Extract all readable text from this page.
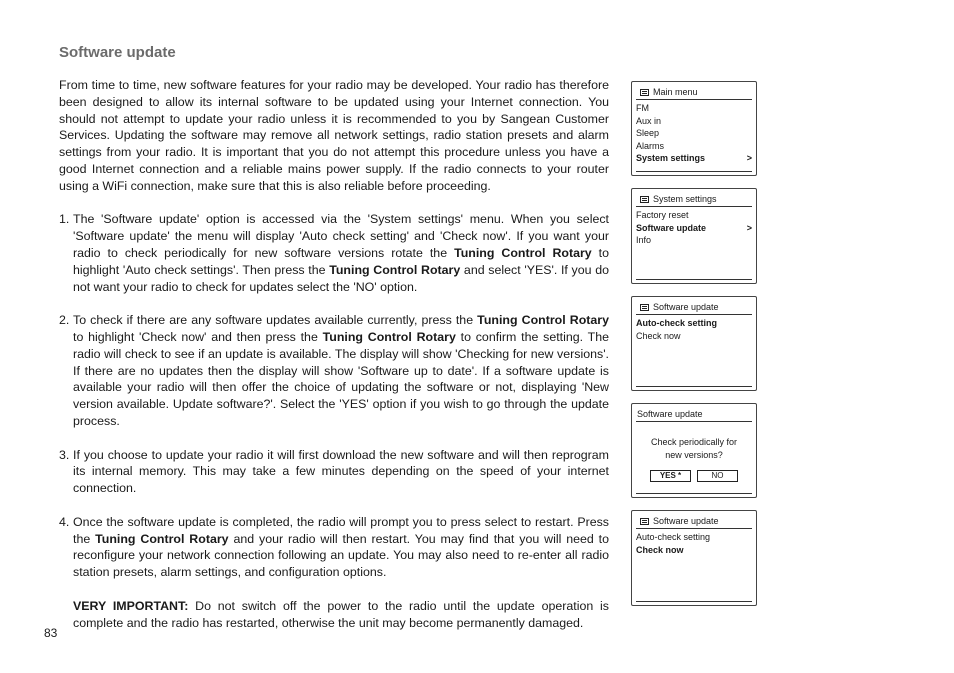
Software update

From time to time, new software features for your radio may be developed. Your radio has therefore been designed to allow its internal software to be updated using your Internet connection. You should not attempt to update your radio unless it is recommended to you by Sangean Customer Services. Updating the software may remove all network settings, radio station presets and alarm settings from your radio. It is important that you do not attempt this procedure unless you have a good Internet connection and a reliable mains power supply. If the radio connects to your router using a WiFi connection, make sure that this is also reliable before proceeding.

1. The 'Software update' option is accessed via the 'System settings' menu. When you select 'Software update' the menu will display 'Auto check setting' and 'Check now'. If you want your radio to check periodically for new software versions rotate the Tuning Control Rotary to highlight 'Auto check settings'. Then press the Tuning Control Rotary and select 'YES'. If you do not want your radio to check for updates select the 'NO' option.
2. To check if there are any software updates available currently, press the Tuning Control Rotary to highlight 'Check now' and then press the Tuning Control Rotary to confirm the setting. The radio will check to see if an update is available. The display will show 'Checking for new versions'. If there are no updates then the display will show 'Software up to date'. If a software update is available your radio will then offer the choice of updating the software or not, displaying 'New version available. Update software?'. Select the 'YES' option if you wish to go through the update process.
3. If you choose to update your radio it will first download the new software and will then reprogram its internal memory. This may take a few minutes depending on the speed of your internet connection.
4. Once the software update is completed, the radio will prompt you to press select to restart. Press the Tuning Control Rotary and your radio will then restart. You may find that you will need to reconfigure your network connection following an update. You may also need to re-enter all radio station presets, alarm settings, and configuration options.
VERY IMPORTANT: Do not switch off the power to the radio until the update operation is complete and the radio has restarted, otherwise the unit may become permanently damaged.
83
Main menu
FM
Aux in
Sleep
Alarms
System settings	>
System settings
Factory reset
Software update	>
Info
Software update
Auto-check setting
Check now
Software update
Check periodically for
new versions?
YES *	NO
Software update
Auto-check setting
Check now
